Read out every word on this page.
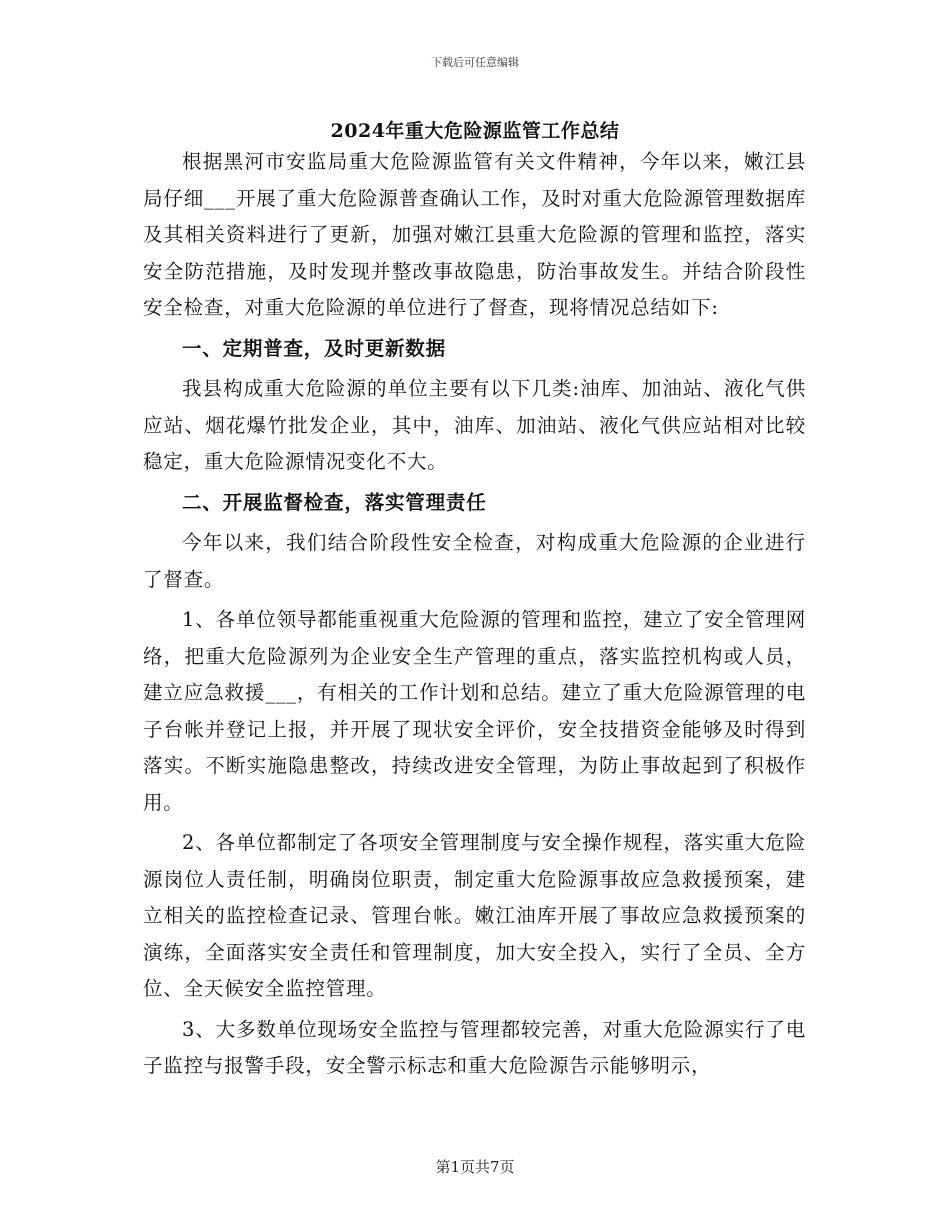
下载后可任意编辑
2024年重大危险源监管工作总结

根据黑河市安监局重大危险源监管有关文件精神，今年以来，嫩江县局仔细___开展了重大危险源普查确认工作，及时对重大危险源管理数据库及其相关资料进行了更新，加强对嫩江县重大危险源的管理和监控，落实安全防范措施，及时发现并整改事故隐患，防治事故发生。并结合阶段性安全检查，对重大危险源的单位进行了督查，现将情况总结如下:

一、定期普查，及时更新数据

我县构成重大危险源的单位主要有以下几类:油库、加油站、液化气供应站、烟花爆竹批发企业，其中，油库、加油站、液化气供应站相对比较稳定，重大危险源情况变化不大。

二、开展监督检查，落实管理责任

今年以来，我们结合阶段性安全检查，对构成重大危险源的企业进行了督查。

1、各单位领导都能重视重大危险源的管理和监控，建立了安全管理网络，把重大危险源列为企业安全生产管理的重点，落实监控机构或人员，建立应急救援___，有相关的工作计划和总结。建立了重大危险源管理的电子台帐并登记上报，并开展了现状安全评价，安全技措资金能够及时得到落实。不断实施隐患整改，持续改进安全管理，为防止事故起到了积极作用。

2、各单位都制定了各项安全管理制度与安全操作规程，落实重大危险源岗位人责任制，明确岗位职责，制定重大危险源事故应急救援预案，建立相关的监控检查记录、管理台帐。嫩江油库开展了事故应急救援预案的演练，全面落实安全责任和管理制度，加大安全投入，实行了全员、全方位、全天候安全监控管理。

3、大多数单位现场安全监控与管理都较完善，对重大危险源实行了电子监控与报警手段，安全警示标志和重大危险源告示能够明示，

第1页共7页
